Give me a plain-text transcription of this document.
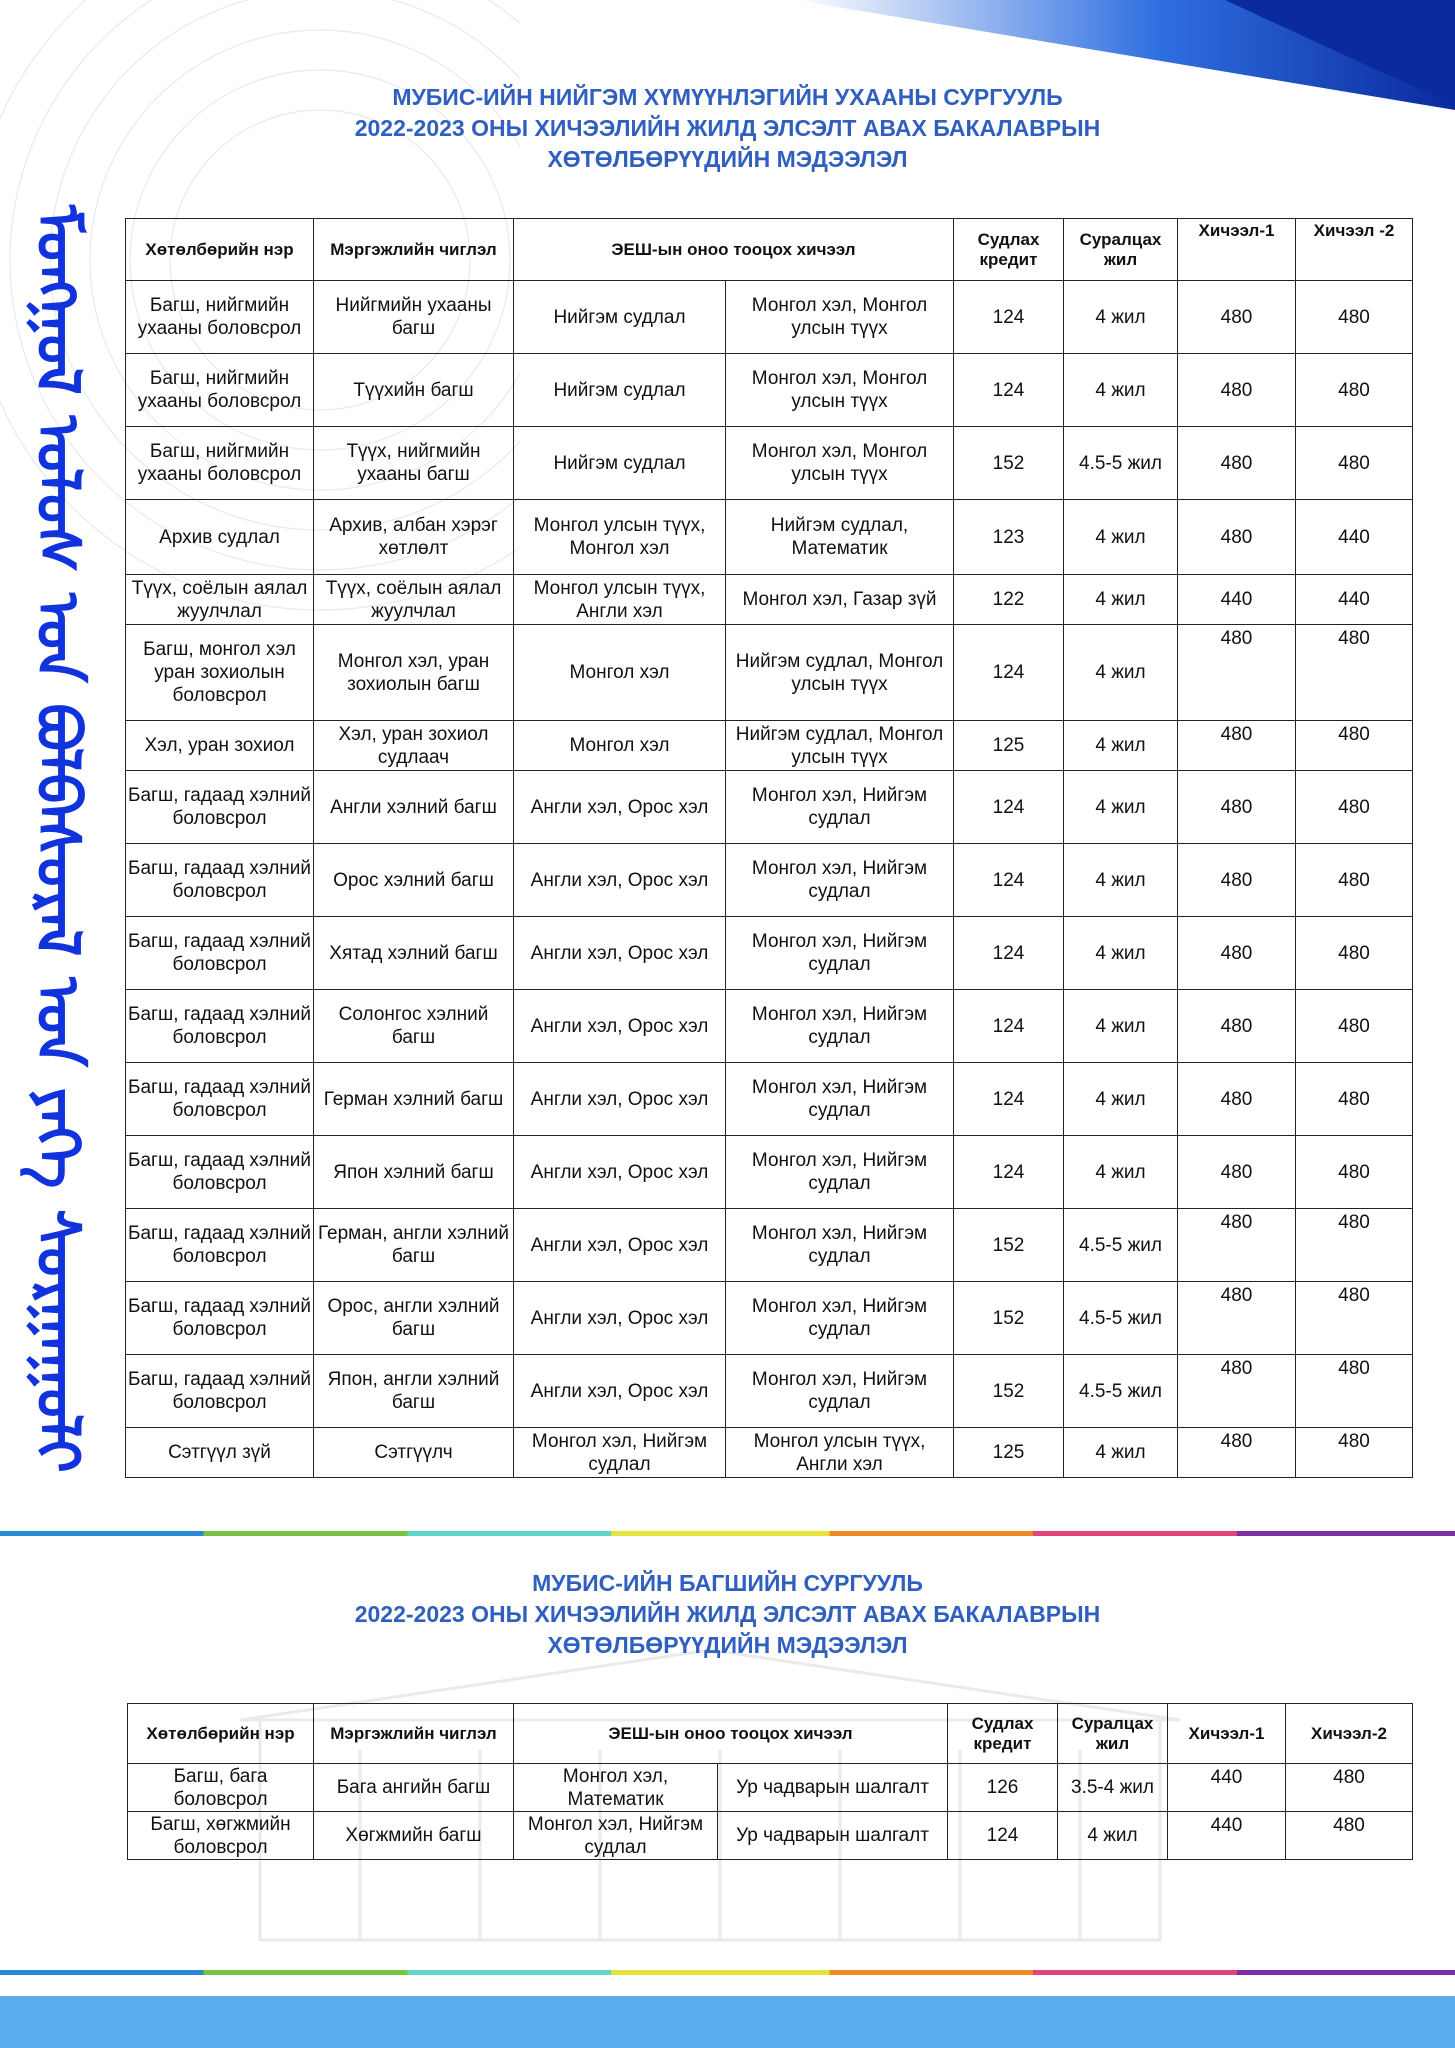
ᠮᠣᠩᠭᠣᠯ ᠤᠯᠤᠰ ᠤᠨ ᠪᠣᠯᠪᠠᠰᠤᠷᠠᠯ ᠤᠨ ᠶᠡᠬᠡ ᠰᠤᠷᠭᠠᠭᠤᠯᠢ
МУБИС-ИЙН НИЙГЭМ ХҮМҮҮНЛЭГИЙН УХААНЫ СУРГУУЛЬ
2022-2023 ОНЫ ХИЧЭЭЛИЙН ЖИЛД ЭЛСЭЛТ АВАХ БАКАЛАВРЫН
ХӨТӨЛБӨРҮҮДИЙН МЭДЭЭЛЭЛ
Хөтөлбөрийн нэр	Мэргэжлийн чиглэл	ЭЕШ-ын оноо тооцох хичээл		Судлах кредит	Суралцах жил	Хичээл-1	Хичээл -2
Багш, нийгмийн ухааны боловсрол	Нийгмийн ухааны багш	Нийгэм судлал	Монгол хэл, Монгол улсын түүх	124	4 жил	480	480
Багш, нийгмийн ухааны боловсрол	Түүхийн багш	Нийгэм судлал	Монгол хэл, Монгол улсын түүх	124	4 жил	480	480
Багш, нийгмийн ухааны боловсрол	Түүх, нийгмийн ухааны багш	Нийгэм судлал	Монгол хэл, Монгол улсын түүх	152	4.5-5 жил	480	480
Архив судлал	Архив, албан хэрэг хөтлөлт	Монгол улсын түүх, Монгол хэл	Нийгэм судлал, Математик	123	4 жил	480	440
Түүх, соёлын аялал жуулчлал	Түүх, соёлын аялал жуулчлал	Монгол улсын түүх, Англи хэл	Монгол хэл, Газар зүй	122	4 жил	440	440
Багш, монгол хэл уран зохиолын боловсрол	Монгол хэл, уран зохиолын багш	Монгол хэл	Нийгэм судлал, Монгол улсын түүх	124	4 жил	480	480
Хэл, уран зохиол	Хэл, уран зохиол судлаач	Монгол хэл	Нийгэм судлал, Монгол улсын түүх	125	4 жил	480	480
Багш, гадаад хэлний боловсрол	Англи хэлний багш	Англи хэл, Орос хэл	Монгол хэл, Нийгэм судлал	124	4 жил	480	480
Багш, гадаад хэлний боловсрол	Орос хэлний багш	Англи хэл, Орос хэл	Монгол хэл, Нийгэм судлал	124	4 жил	480	480
Багш, гадаад хэлний боловсрол	Хятад хэлний багш	Англи хэл, Орос хэл	Монгол хэл, Нийгэм судлал	124	4 жил	480	480
Багш, гадаад хэлний боловсрол	Солонгос хэлний багш	Англи хэл, Орос хэл	Монгол хэл, Нийгэм судлал	124	4 жил	480	480
Багш, гадаад хэлний боловсрол	Герман хэлний багш	Англи хэл, Орос хэл	Монгол хэл, Нийгэм судлал	124	4 жил	480	480
Багш, гадаад хэлний боловсрол	Япон хэлний багш	Англи хэл, Орос хэл	Монгол хэл, Нийгэм судлал	124	4 жил	480	480
Багш, гадаад хэлний боловсрол	Герман, англи хэлний багш	Англи хэл, Орос хэл	Монгол хэл, Нийгэм судлал	152	4.5-5 жил	480	480
Багш, гадаад хэлний боловсрол	Орос, англи хэлний багш	Англи хэл, Орос хэл	Монгол хэл, Нийгэм судлал	152	4.5-5 жил	480	480
Багш, гадаад хэлний боловсрол	Япон, англи хэлний багш	Англи хэл, Орос хэл	Монгол хэл, Нийгэм судлал	152	4.5-5 жил	480	480
Сэтгүүл зүй	Сэтгүүлч	Монгол хэл, Нийгэм судлал	Монгол улсын түүх, Англи хэл	125	4 жил	480	480
МУБИС-ИЙН БАГШИЙН СУРГУУЛЬ
2022-2023 ОНЫ ХИЧЭЭЛИЙН ЖИЛД ЭЛСЭЛТ АВАХ БАКАЛАВРЫН
ХӨТӨЛБӨРҮҮДИЙН МЭДЭЭЛЭЛ
Хөтөлбөрийн нэр	Мэргэжлийн чиглэл	ЭЕШ-ын оноо тооцох хичээл		Судлах кредит	Суралцах жил	Хичээл-1	Хичээл-2
Багш, бага боловсрол	Бага ангийн багш	Монгол хэл, Математик	Ур чадварын шалгалт	126	3.5-4 жил	440	480
Багш, хөгжмийн боловсрол	Хөгжмийн багш	Монгол хэл, Нийгэм судлал	Ур чадварын шалгалт	124	4 жил	440	480
